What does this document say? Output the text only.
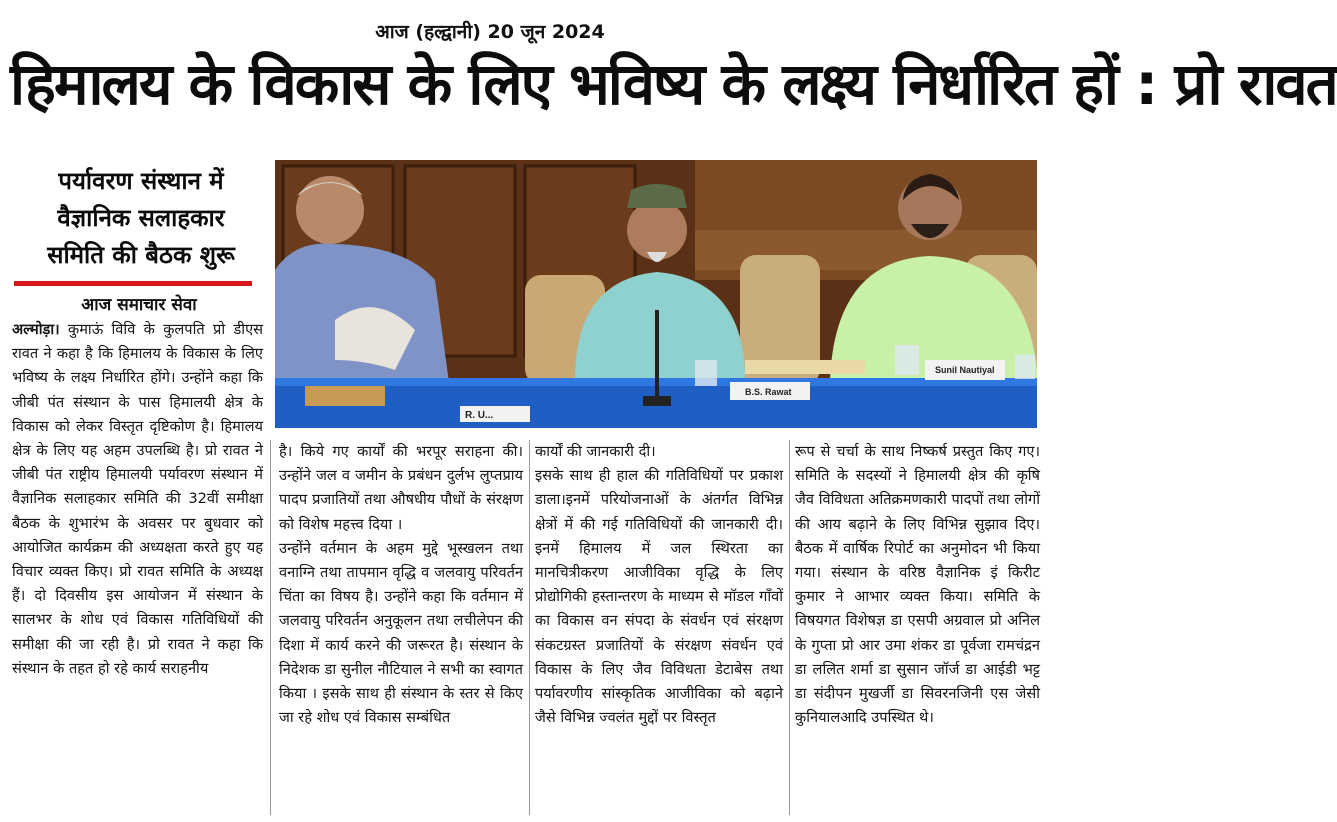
आज (हल्द्वानी) 20 जून 2024
हिमालय के विकास के लिए भविष्य के लक्ष्य निर्धारित हों : प्रो रावत
पर्यावरण संस्थान में
वैज्ञानिक सलाहकार
समिति की बैठक शुरू
आज समाचार सेवा
R. U...
B.S. Rawat
Sunil Nautiyal

अल्मोड़ा। कुमाऊं विवि के कुलपति प्रो डीएस रावत ने कहा है कि हिमालय के विकास के लिए भविष्य के लक्ष्य निर्धारित होंगे। उन्होंने कहा कि जीबी पंत संस्थान के पास हिमालयी क्षेत्र के विकास को लेकर विस्तृत दृष्टिकोण है। हिमालय क्षेत्र के लिए यह अहम उपलब्धि है। प्रो रावत ने जीबी पंत राष्ट्रीय हिमालयी पर्यावरण संस्थान में वैज्ञानिक सलाहकार समिति की 32वीं समीक्षा बैठक के शुभारंभ के अवसर पर बुधवार को आयोजित कार्यक्रम की अध्यक्षता करते हुए यह विचार व्यक्त किए। प्रो रावत समिति के अध्यक्ष हैं। दो दिवसीय इस आयोजन में संस्थान के सालभर के शोध एवं विकास गतिविधियों की समीक्षा की जा रही है। प्रो रावत ने कहा कि संस्थान के तहत हो रहे कार्य सराहनीय

है। किये गए कार्यों की भरपूर सराहना की। उन्होंने जल व जमीन के प्रबंधन दुर्लभ लुप्तप्राय पादप प्रजातियों तथा औषधीय पौधों के संरक्षण को विशेष महत्त्व दिया ।

उन्होंने वर्तमान के अहम मुद्दे भूस्खलन तथा वनाग्नि तथा तापमान वृद्धि व जलवायु परिवर्तन चिंता का विषय है। उन्होंने कहा कि वर्तमान में जलवायु परिवर्तन अनुकूलन तथा लचीलेपन की दिशा में कार्य करने की जरूरत है। संस्थान के निदेशक डा सुनील नौटियाल ने सभी का स्वागत किया । इसके साथ ही संस्थान के स्तर से किए जा रहे शोध एवं विकास सम्बंधित

कार्यों की जानकारी दी।

इसके साथ ही हाल की गतिविधियों पर प्रकाश डाला।इनमें परियोजनाओं के अंतर्गत विभिन्न क्षेत्रों में की गई गतिविधियों की जानकारी दी। इनमें हिमालय में जल स्थिरता का मानचित्रीकरण आजीविका वृद्धि के लिए प्रोद्योगिकी हस्तान्तरण के माध्यम से मॉडल गाँवों का विकास वन संपदा के संवर्धन एवं संरक्षण संकटग्रस्त प्रजातियों के संरक्षण संवर्धन एवं विकास के लिए जैव विविधता डेटाबेस तथा पर्यावरणीय सांस्कृतिक आजीविका को बढ़ाने जैसे विभिन्न ज्वलंत मुद्दों पर विस्तृत

रूप से चर्चा के साथ निष्कर्ष प्रस्तुत किए गए। समिति के सदस्यों ने हिमालयी क्षेत्र की कृषि जैव विविधता अतिक्रमणकारी पादपों तथा लोगों की आय बढ़ाने के लिए विभिन्न सुझाव दिए। बैठक में वार्षिक रिपोर्ट का अनुमोदन भी किया गया। संस्थान के वरिष्ठ वैज्ञानिक इं किरीट कुमार ने आभार व्यक्त किया। समिति के विषयगत विशेषज्ञ डा एसपी अग्रवाल प्रो अनिल के गुप्ता प्रो आर उमा शंकर डा पूर्वजा रामचंद्रन डा ललित शर्मा डा सुसान जॉर्ज डा आईडी भट्ट डा संदीपन मुखर्जी डा सिवरनजिनी एस जेसी कुनियालआदि उपस्थित थे।
